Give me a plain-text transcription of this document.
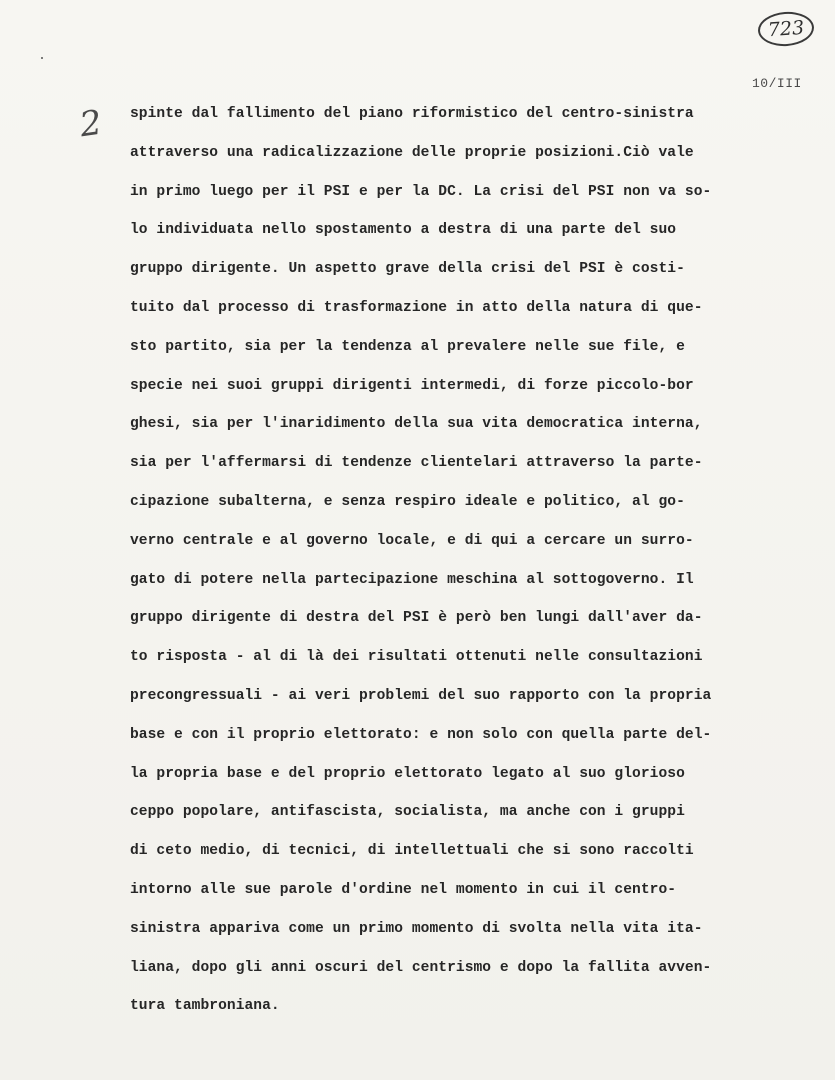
723
10/III
2 spinte dal fallimento del piano riformistico del centro-sinistra
attraverso una radicalizzazione delle proprie posizioni.Ciò vale
in primo luego per il PSI e per la DC. La crisi del PSI non va so-
lo individuata nello spostamento a destra di una parte del suo
gruppo dirigente. Un aspetto grave della crisi del PSI è costi-
tuito dal processo di trasformazione in atto della natura di que-
sto partito, sia per la tendenza al prevalere nelle sue file, e
specie nei suoi gruppi dirigenti intermedi, di forze piccolo-bor
ghesi, sia per l'inaridimento della sua vita democratica interna,
sia per l'affermarsi di tendenze clientelari attraverso la parte-
cipazione subalterna, e senza respiro ideale e politico, al go-
verno centrale e al governo locale, e di qui a cercare un surro-
gato di potere nella partecipazione meschina al sottogoverno. Il
gruppo dirigente di destra del PSI è però ben lungi dall'aver da-
to risposta - al di là dei risultati ottenuti nelle consultazioni
precongressuali - ai veri problemi del suo rapporto con la propria
base e con il proprio elettorato: e non solo con quella parte del-
la propria base e del proprio elettorato legato al suo glorioso
ceppo popolare, antifascista, socialista, ma anche con i gruppi
di ceto medio, di tecnici, di intellettuali che si sono raccolti
intorno alle sue parole d'ordine nel momento in cui il centro-
sinistra appariva come un primo momento di svolta nella vita ita-
liana, dopo gli anni oscuri del centrismo e dopo la fallita avven-
tura tambroniana.
